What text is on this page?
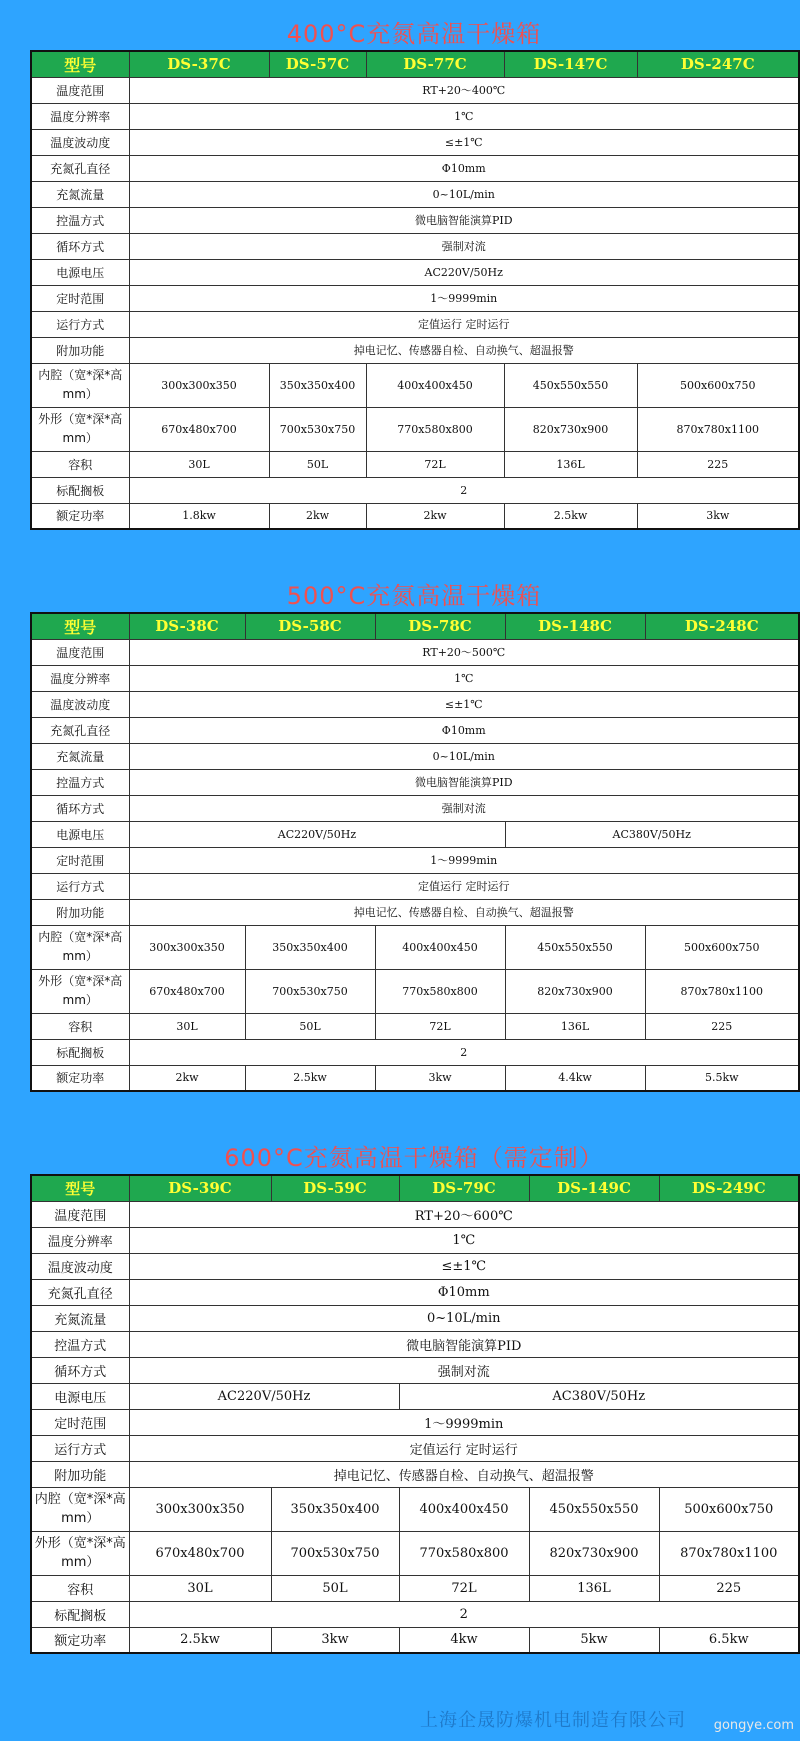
400°C充氮高温干燥箱
型号	DS-37C	DS-57C	DS-77C	DS-147C	DS-247C
温度范围	RT+20～400℃				
温度分辨率	1℃				
温度波动度	≤±1℃				
充氮孔直径	Φ10mm				
充氮流量	0~10L/min				
控温方式	微电脑智能演算PID				
循环方式	强制对流				
电源电压	AC220V/50Hz				
定时范围	1～9999min				
运行方式	定值运行 定时运行				
附加功能	掉电记忆、传感器自检、自动换气、超温报警				
内腔（宽*深*高mm）	300x300x350	350x350x400	400x400x450	450x550x550	500x600x750
外形（宽*深*高mm）	670x480x700	700x530x750	770x580x800	820x730x900	870x780x1100
容积	30L	50L	72L	136L	225
标配搁板	2				
额定功率	1.8kw	2kw	2kw	2.5kw	3kw
500°C充氮高温干燥箱
型号	DS-38C	DS-58C	DS-78C	DS-148C	DS-248C
温度范围	RT+20～500℃				
温度分辨率	1℃				
温度波动度	≤±1℃				
充氮孔直径	Φ10mm				
充氮流量	0~10L/min				
控温方式	微电脑智能演算PID				
循环方式	强制对流				
电源电压	AC220V/50Hz			AC380V/50Hz	
定时范围	1～9999min				
运行方式	定值运行 定时运行				
附加功能	掉电记忆、传感器自检、自动换气、超温报警				
内腔（宽*深*高mm）	300x300x350	350x350x400	400x400x450	450x550x550	500x600x750
外形（宽*深*高mm）	670x480x700	700x530x750	770x580x800	820x730x900	870x780x1100
容积	30L	50L	72L	136L	225
标配搁板	2				
额定功率	2kw	2.5kw	3kw	4.4kw	5.5kw
600°C充氮高温干燥箱（需定制）
型号	DS-39C	DS-59C	DS-79C	DS-149C	DS-249C
温度范围	RT+20～600℃				
温度分辨率	1℃				
温度波动度	≤±1℃				
充氮孔直径	Φ10mm				
充氮流量	0~10L/min				
控温方式	微电脑智能演算PID				
循环方式	强制对流				
电源电压	AC220V/50Hz		AC380V/50Hz		
定时范围	1～9999min				
运行方式	定值运行 定时运行				
附加功能	掉电记忆、传感器自检、自动换气、超温报警				
内腔（宽*深*高mm）	300x300x350	350x350x400	400x400x450	450x550x550	500x600x750
外形（宽*深*高mm）	670x480x700	700x530x750	770x580x800	820x730x900	870x780x1100
容积	30L	50L	72L	136L	225
标配搁板	2				
额定功率	2.5kw	3kw	4kw	5kw	6.5kw
上海企晟防爆机电制造有限公司 gongye.com
